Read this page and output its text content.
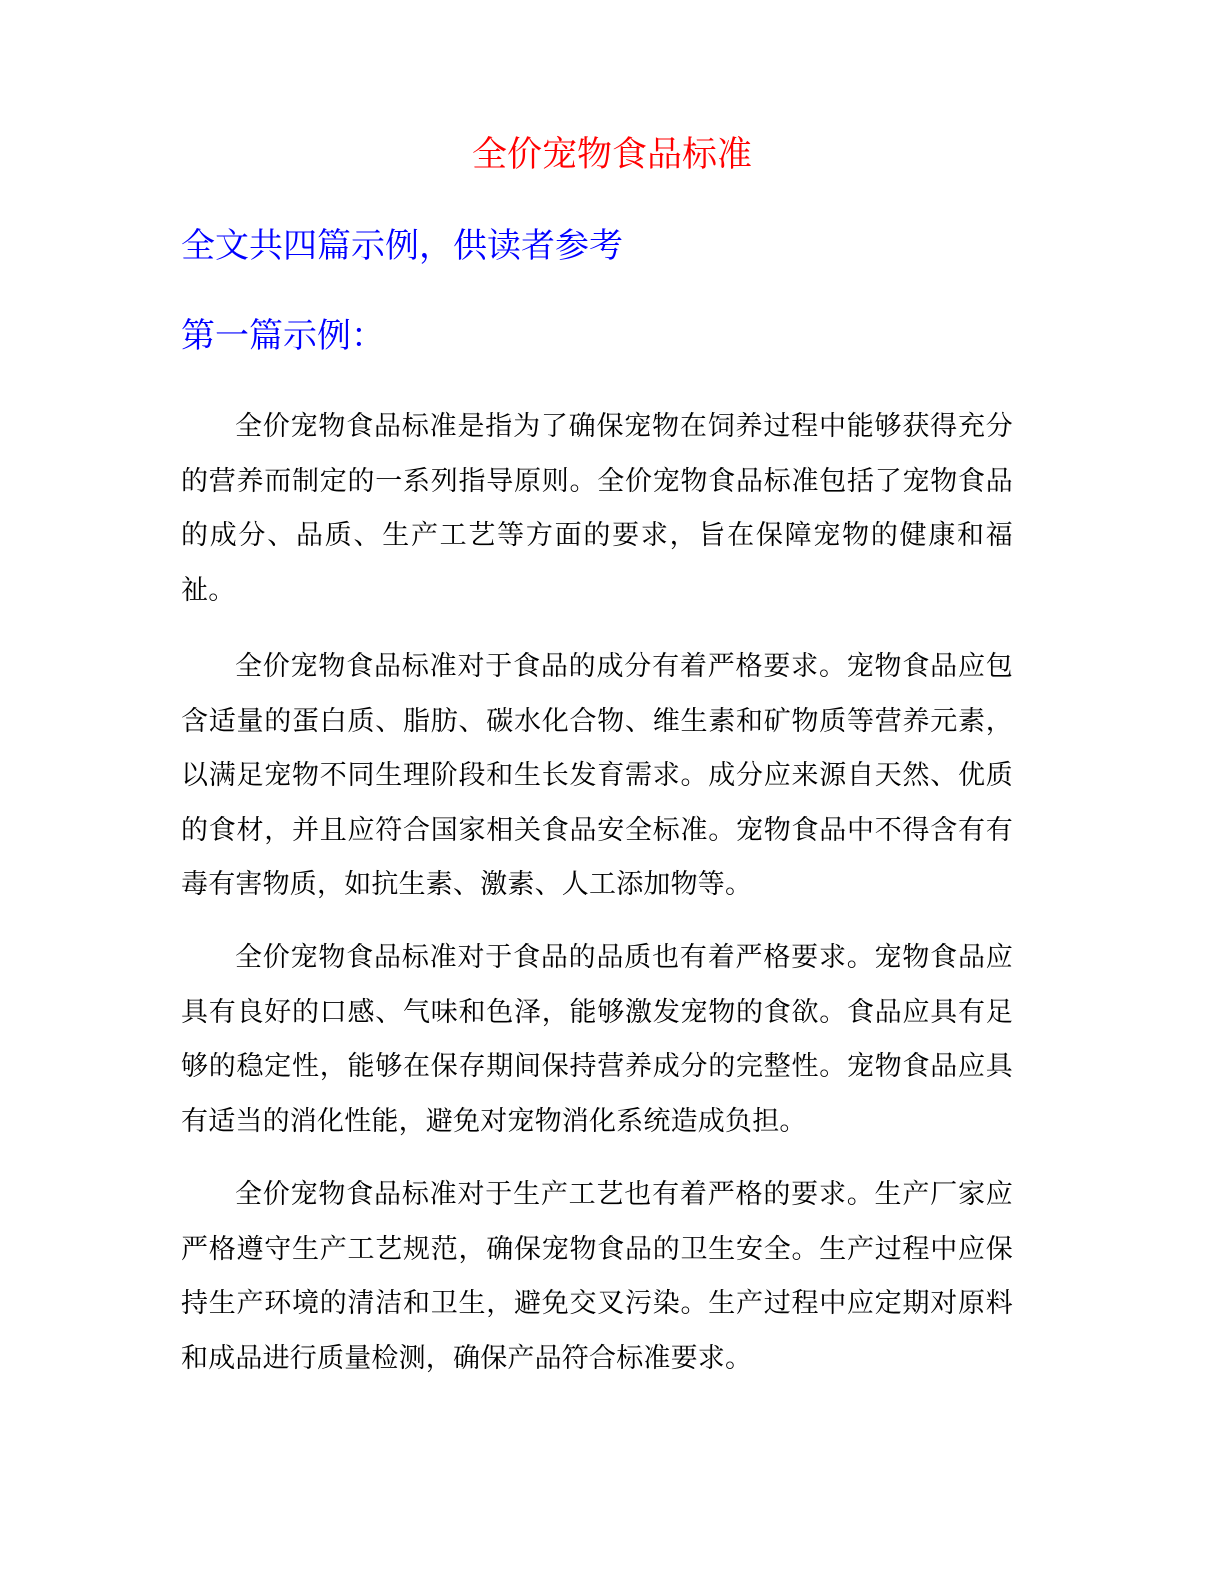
全价宠物食品标准
全文共四篇示例，供读者参考
第一篇示例：

全价宠物食品标准是指为了确保宠物在饲养过程中能够获得充分的营养而制定的一系列指导原则。全价宠物食品标准包括了宠物食品的成分、品质、生产工艺等方面的要求，旨在保障宠物的健康和福祉。

全价宠物食品标准对于食品的成分有着严格要求。宠物食品应包含适量的蛋白质、脂肪、碳水化合物、维生素和矿物质等营养元素，以满足宠物不同生理阶段和生长发育需求。成分应来源自天然、优质的食材，并且应符合国家相关食品安全标准。宠物食品中不得含有有毒有害物质，如抗生素、激素、人工添加物等。

全价宠物食品标准对于食品的品质也有着严格要求。宠物食品应具有良好的口感、气味和色泽，能够激发宠物的食欲。食品应具有足够的稳定性，能够在保存期间保持营养成分的完整性。宠物食品应具有适当的消化性能，避免对宠物消化系统造成负担。

全价宠物食品标准对于生产工艺也有着严格的要求。生产厂家应严格遵守生产工艺规范，确保宠物食品的卫生安全。生产过程中应保持生产环境的清洁和卫生，避免交叉污染。生产过程中应定期对原料和成品进行质量检测，确保产品符合标准要求。
